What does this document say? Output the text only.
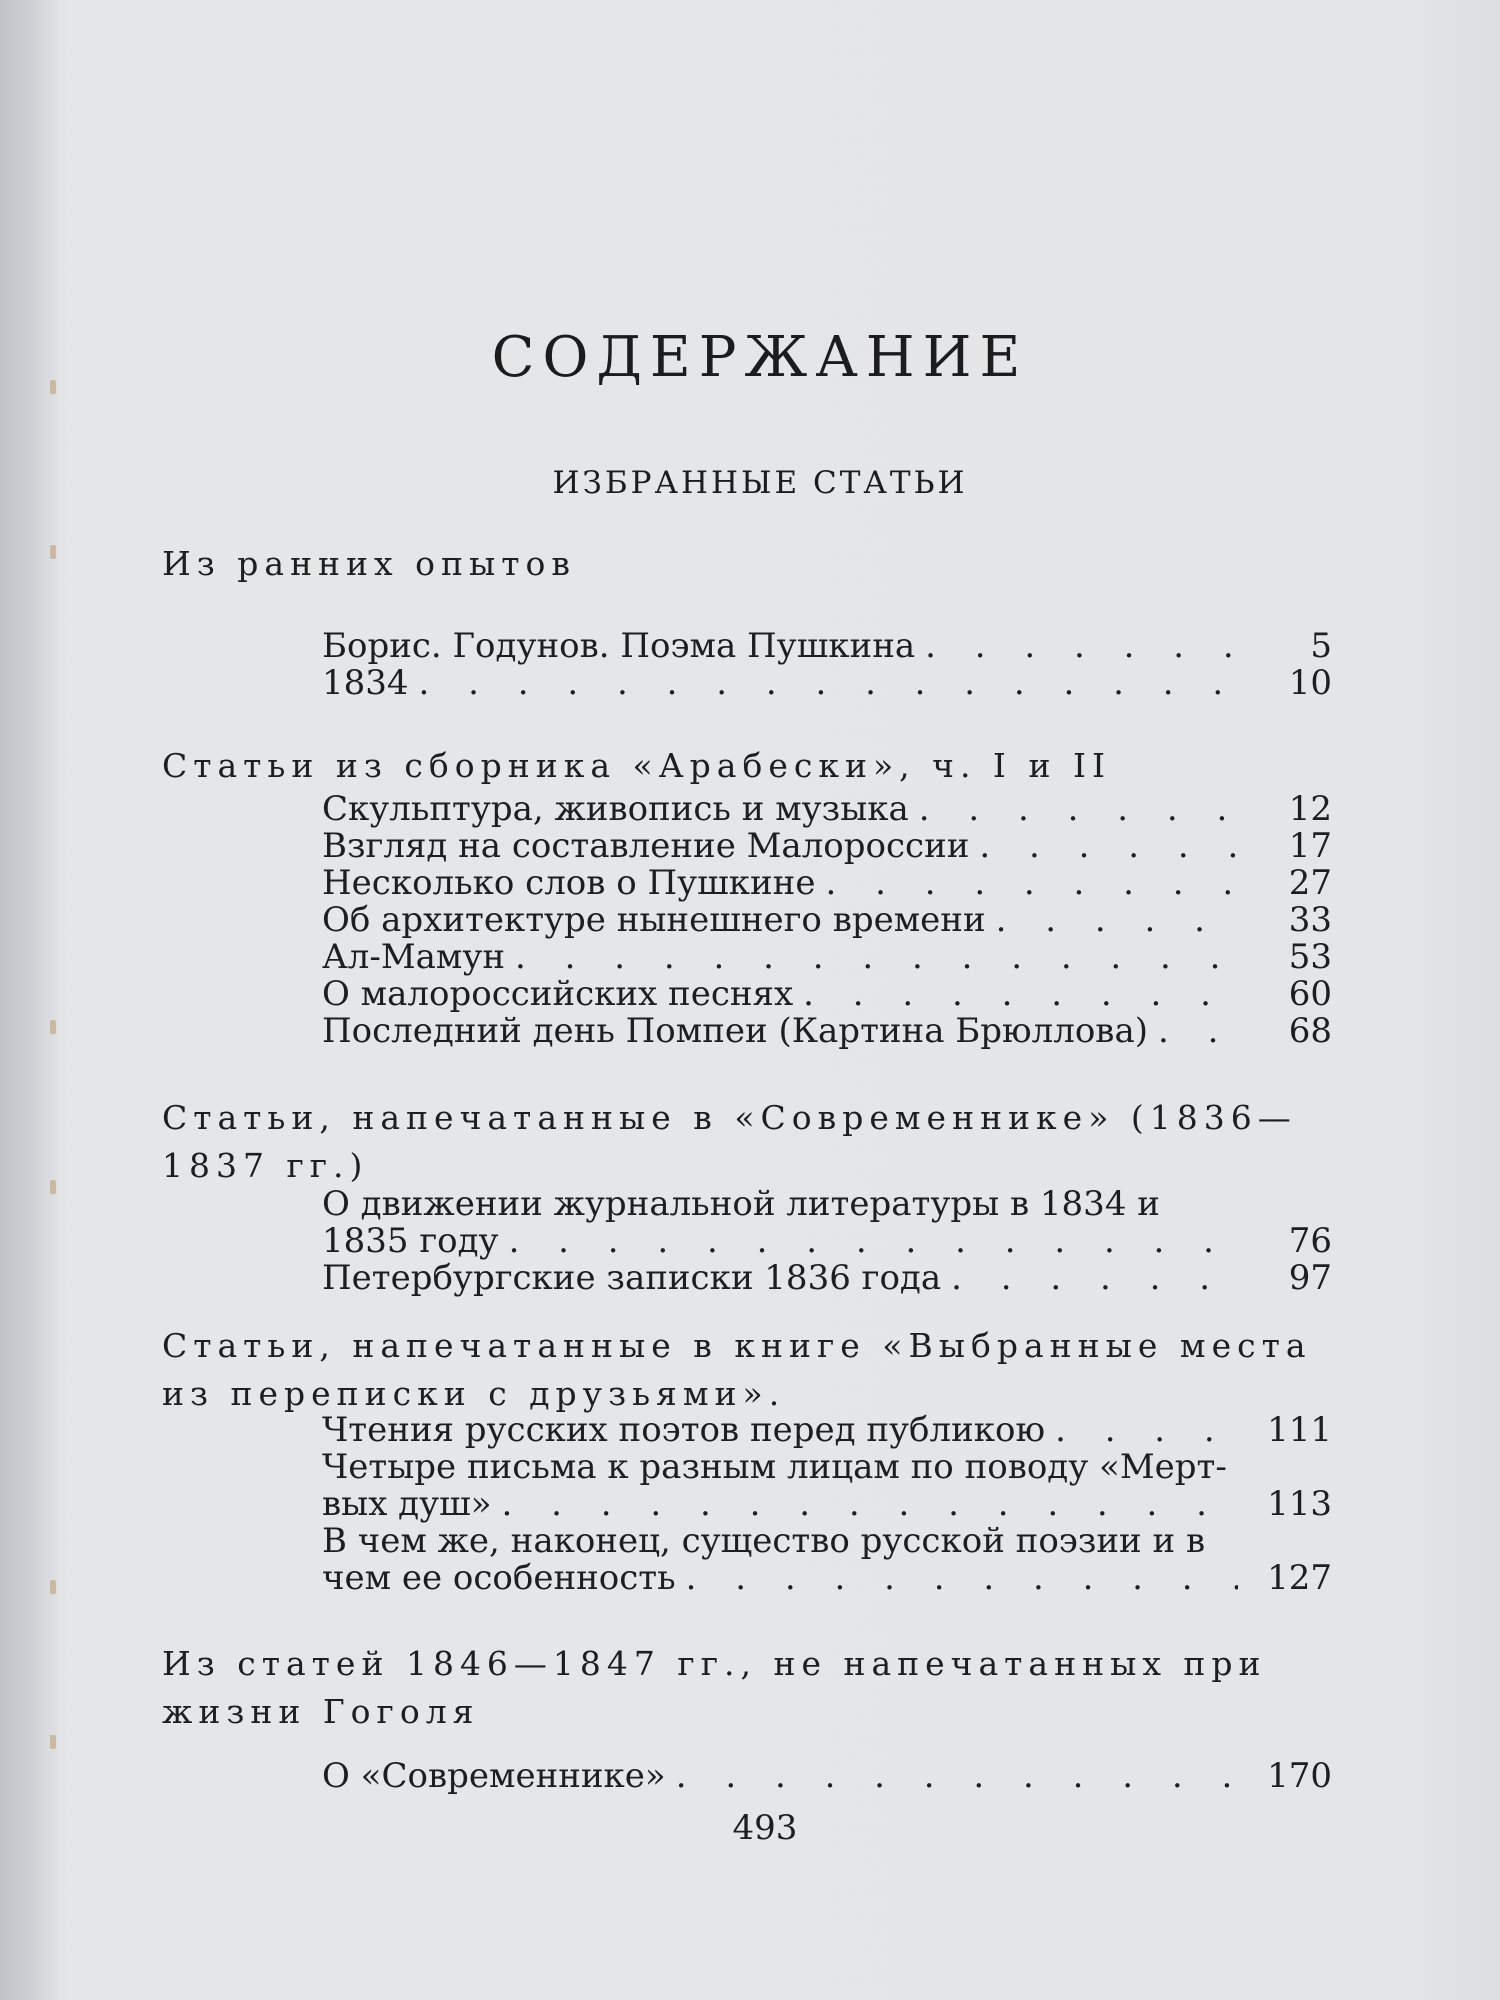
СОДЕРЖАНИЕ
ИЗБРАННЫЕ СТАТЬИ
Из ранних опытов
Борис. Годунов. Поэма Пушкина . . .	5
1834 . . .	10
Статьи из сборника «Арабески», ч. I и II
Скульптура, живопись и музыка . . .	12
Взгляд на составление Малороссии . . .	17
Несколько слов о Пушкине . . .	27
Об архитектуре нынешнего времени . . .	33
Ал-Мамун . . .	53
О малороссийских песнях . . .	60
Последний день Помпеи (Картина Брюллова) . . .	68
Статьи, напечатанные в «Современнике» (1836—
1837 гг.)
О движении журнальной литературы в 1834 и
1835 году . . .	76
Петербургские записки 1836 года . . .	97
Статьи, напечатанные в книге «Выбранные места
из переписки с друзьями».
Чтения русских поэтов перед публикою . . .	111
Четыре письма к разным лицам по поводу «Мерт-
вых душ» . . .	113
В чем же, наконец, существо русской поэзии и в
чем ее особенность . . .	127
Из статей 1846—1847 гг., не напечатанных при
жизни Гоголя
О «Современнике» . . .	170
493
